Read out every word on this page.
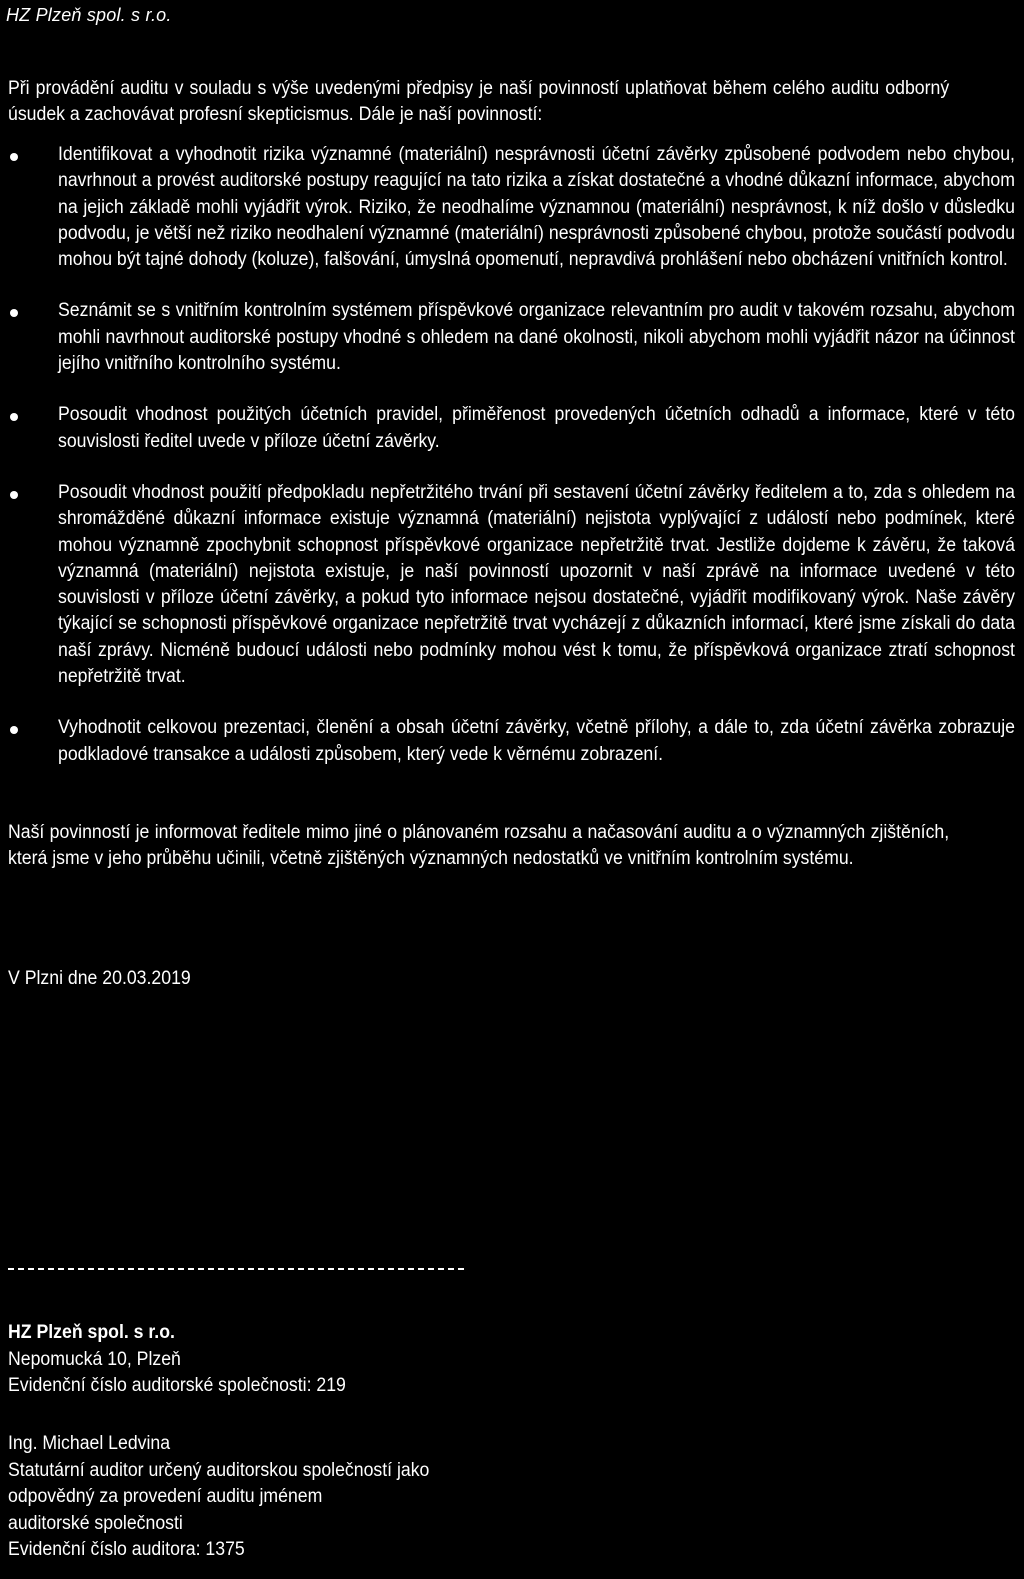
HZ Plzeň spol. s r.o.
Při provádění auditu v souladu s výše uvedenými předpisy je naší povinností uplatňovat během celého auditu odborný úsudek a zachovávat profesní skepticismus. Dále je naší povinností:
Identifikovat a vyhodnotit rizika významné (materiální) nesprávnosti účetní závěrky způsobené podvodem nebo chybou, navrhnout a provést auditorské postupy reagující na tato rizika a získat dostatečné a vhodné důkazní informace, abychom na jejich základě mohli vyjádřit výrok. Riziko, že neodhalíme významnou (materiální) nesprávnost, k níž došlo v důsledku podvodu, je větší než riziko neodhalení významné (materiální) nesprávnosti způsobené chybou, protože součástí podvodu mohou být tajné dohody (koluze), falšování, úmyslná opomenutí, nepravdivá prohlášení nebo obcházení vnitřních kontrol.
Seznámit se s vnitřním kontrolním systémem příspěvkové organizace relevantním pro audit v takovém rozsahu, abychom mohli navrhnout auditorské postupy vhodné s ohledem na dané okolnosti, nikoli abychom mohli vyjádřit názor na účinnost jejího vnitřního kontrolního systému.
Posoudit vhodnost použitých účetních pravidel, přiměřenost provedených účetních odhadů a informace, které v této souvislosti ředitel uvede v příloze účetní závěrky.
Posoudit vhodnost použití předpokladu nepřetržitého trvání při sestavení účetní závěrky ředitelem a to, zda s ohledem na shromážděné důkazní informace existuje významná (materiální) nejistota vyplývající z událostí nebo podmínek, které mohou významně zpochybnit schopnost příspěvkové organizace nepřetržitě trvat. Jestliže dojdeme k závěru, že taková významná (materiální) nejistota existuje, je naší povinností upozornit v naší zprávě na informace uvedené v této souvislosti v příloze účetní závěrky, a pokud tyto informace nejsou dostatečné, vyjádřit modifikovaný výrok. Naše závěry týkající se schopnosti příspěvkové organizace nepřetržitě trvat vycházejí z důkazních informací, které jsme získali do data naší zprávy. Nicméně budoucí události nebo podmínky mohou vést k tomu, že příspěvková organizace ztratí schopnost nepřetržitě trvat.
Vyhodnotit celkovou prezentaci, členění a obsah účetní závěrky, včetně přílohy, a dále to, zda účetní závěrka zobrazuje podkladové transakce a události způsobem, který vede k věrnému zobrazení.
Naší povinností je informovat ředitele mimo jiné o plánovaném rozsahu a načasování auditu a o významných zjištěních, která jsme v jeho průběhu učinili, včetně zjištěných významných nedostatků ve vnitřním kontrolním systému.
V Plzni dne 20.03.2019
HZ Plzeň spol. s r.o.
Nepomucká 10, Plzeň
Evidenční číslo auditorské společnosti: 219
Ing. Michael Ledvina
Statutární auditor určený auditorskou společností jako
odpovědný za provedení auditu jménem
auditorské společnosti
Evidenční číslo auditora: 1375
